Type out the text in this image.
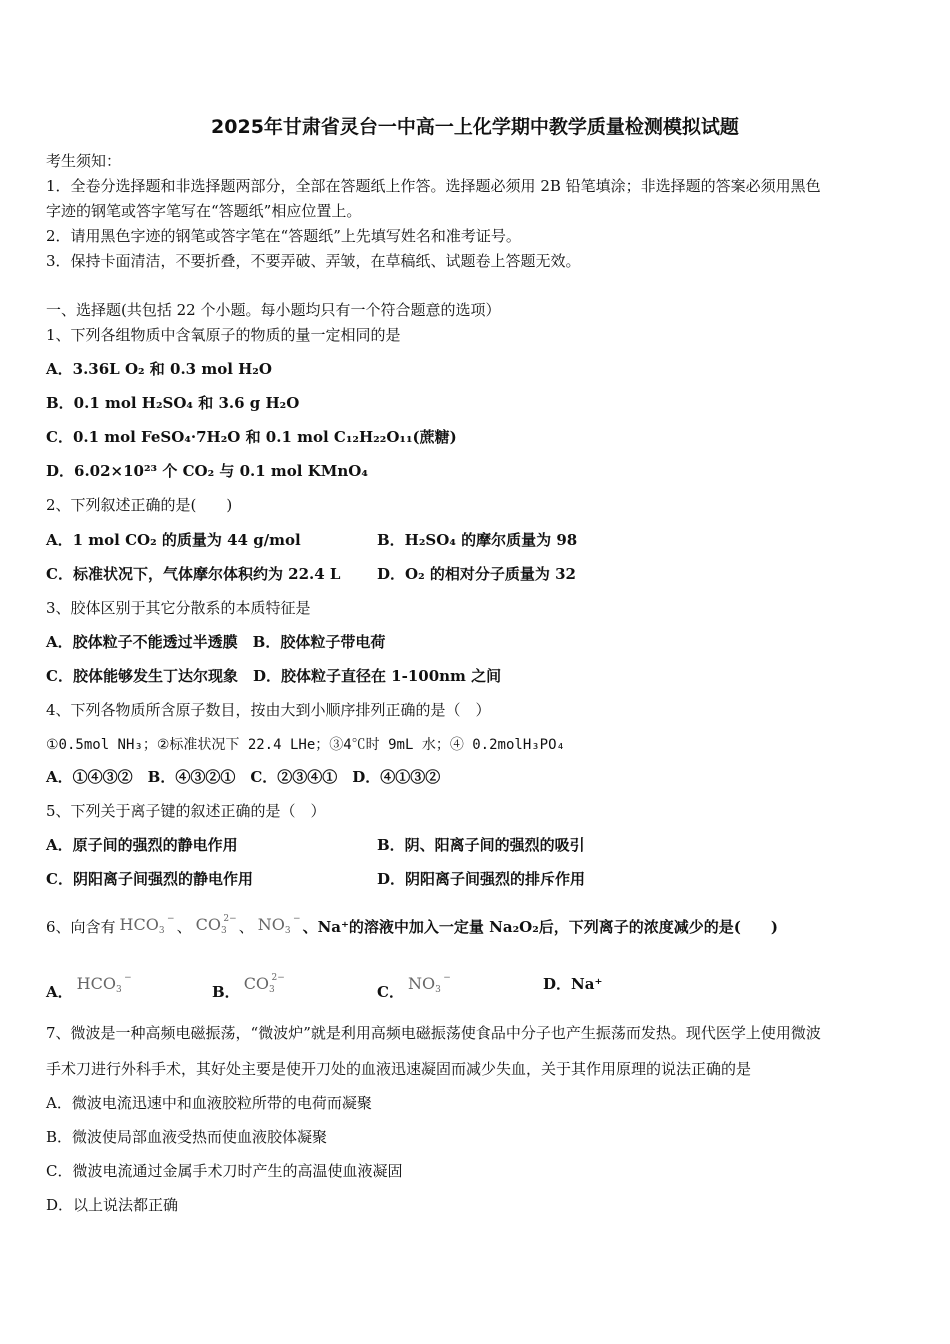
2025年甘肃省灵台一中高一上化学期中教学质量检测模拟试题
考生须知：
1．全卷分选择题和非选择题两部分，全部在答题纸上作答。选择题必须用 2B 铅笔填涂；非选择题的答案必须用黑色
字迹的钢笔或答字笔写在“答题纸”相应位置上。
2．请用黑色字迹的钢笔或答字笔在“答题纸”上先填写姓名和准考证号。
3．保持卡面清洁，不要折叠，不要弄破、弄皱，在草稿纸、试题卷上答题无效。
一、选择题(共包括 22 个小题。每小题均只有一个符合题意的选项）
1、下列各组物质中含氧原子的物质的量一定相同的是
A．3.36L O₂ 和 0.3 mol H₂O
B．0.1 mol H₂SO₄ 和 3.6 g H₂O
C．0.1 mol FeSO₄·7H₂O 和 0.1 mol C₁₂H₂₂O₁₁(蔗糖)
D．6.02×10²³ 个 CO₂ 与 0.1 mol KMnO₄
2、下列叙述正确的是(　　)
A．1 mol CO₂ 的质量为 44 g/mol	B．H₂SO₄ 的摩尔质量为 98
C．标准状况下，气体摩尔体积约为 22.4 L D．O₂ 的相对分子质量为 32
3、胶体区别于其它分散系的本质特征是
A．胶体粒子不能透过半透膜　B．胶体粒子带电荷
C．胶体能够发生丁达尔现象　D．胶体粒子直径在 1-100nm 之间
4、下列各物质所含原子数目，按由大到小顺序排列正确的是（　）
①0.5mol NH₃；②标准状况下 22.4 LHe；③4℃时 9mL 水；④ 0.2molH₃PO₄
A．①④③②　B．④③②①　C．②③④①　D．④①③②
5、下列关于离子键的叙述正确的是（　）
A．原子间的强烈的静电作用	B．阴、阳离子间的强烈的吸引
C．阴阳离子间强烈的静电作用	D．阴阳离子间强烈的排斥作用
6、向含有 HCO3
− 、 CO3
2− 、 NO3
− 、Na⁺的溶液中加入一定量 Na₂O₂后，下列离子的浓度减少的是(　　)
A． HCO3
−
B． CO3
2−
C． NO3
−	D．Na⁺
7、微波是一种高频电磁振荡，“微波炉”就是利用高频电磁振荡使食品中分子也产生振荡而发热。现代医学上使用微波
手术刀进行外科手术，其好处主要是使开刀处的血液迅速凝固而减少失血，关于其作用原理的说法正确的是
A．微波电流迅速中和血液胶粒所带的电荷而凝聚
B．微波使局部血液受热而使血液胶体凝聚
C．微波电流通过金属手术刀时产生的高温使血液凝固
D．以上说法都正确
